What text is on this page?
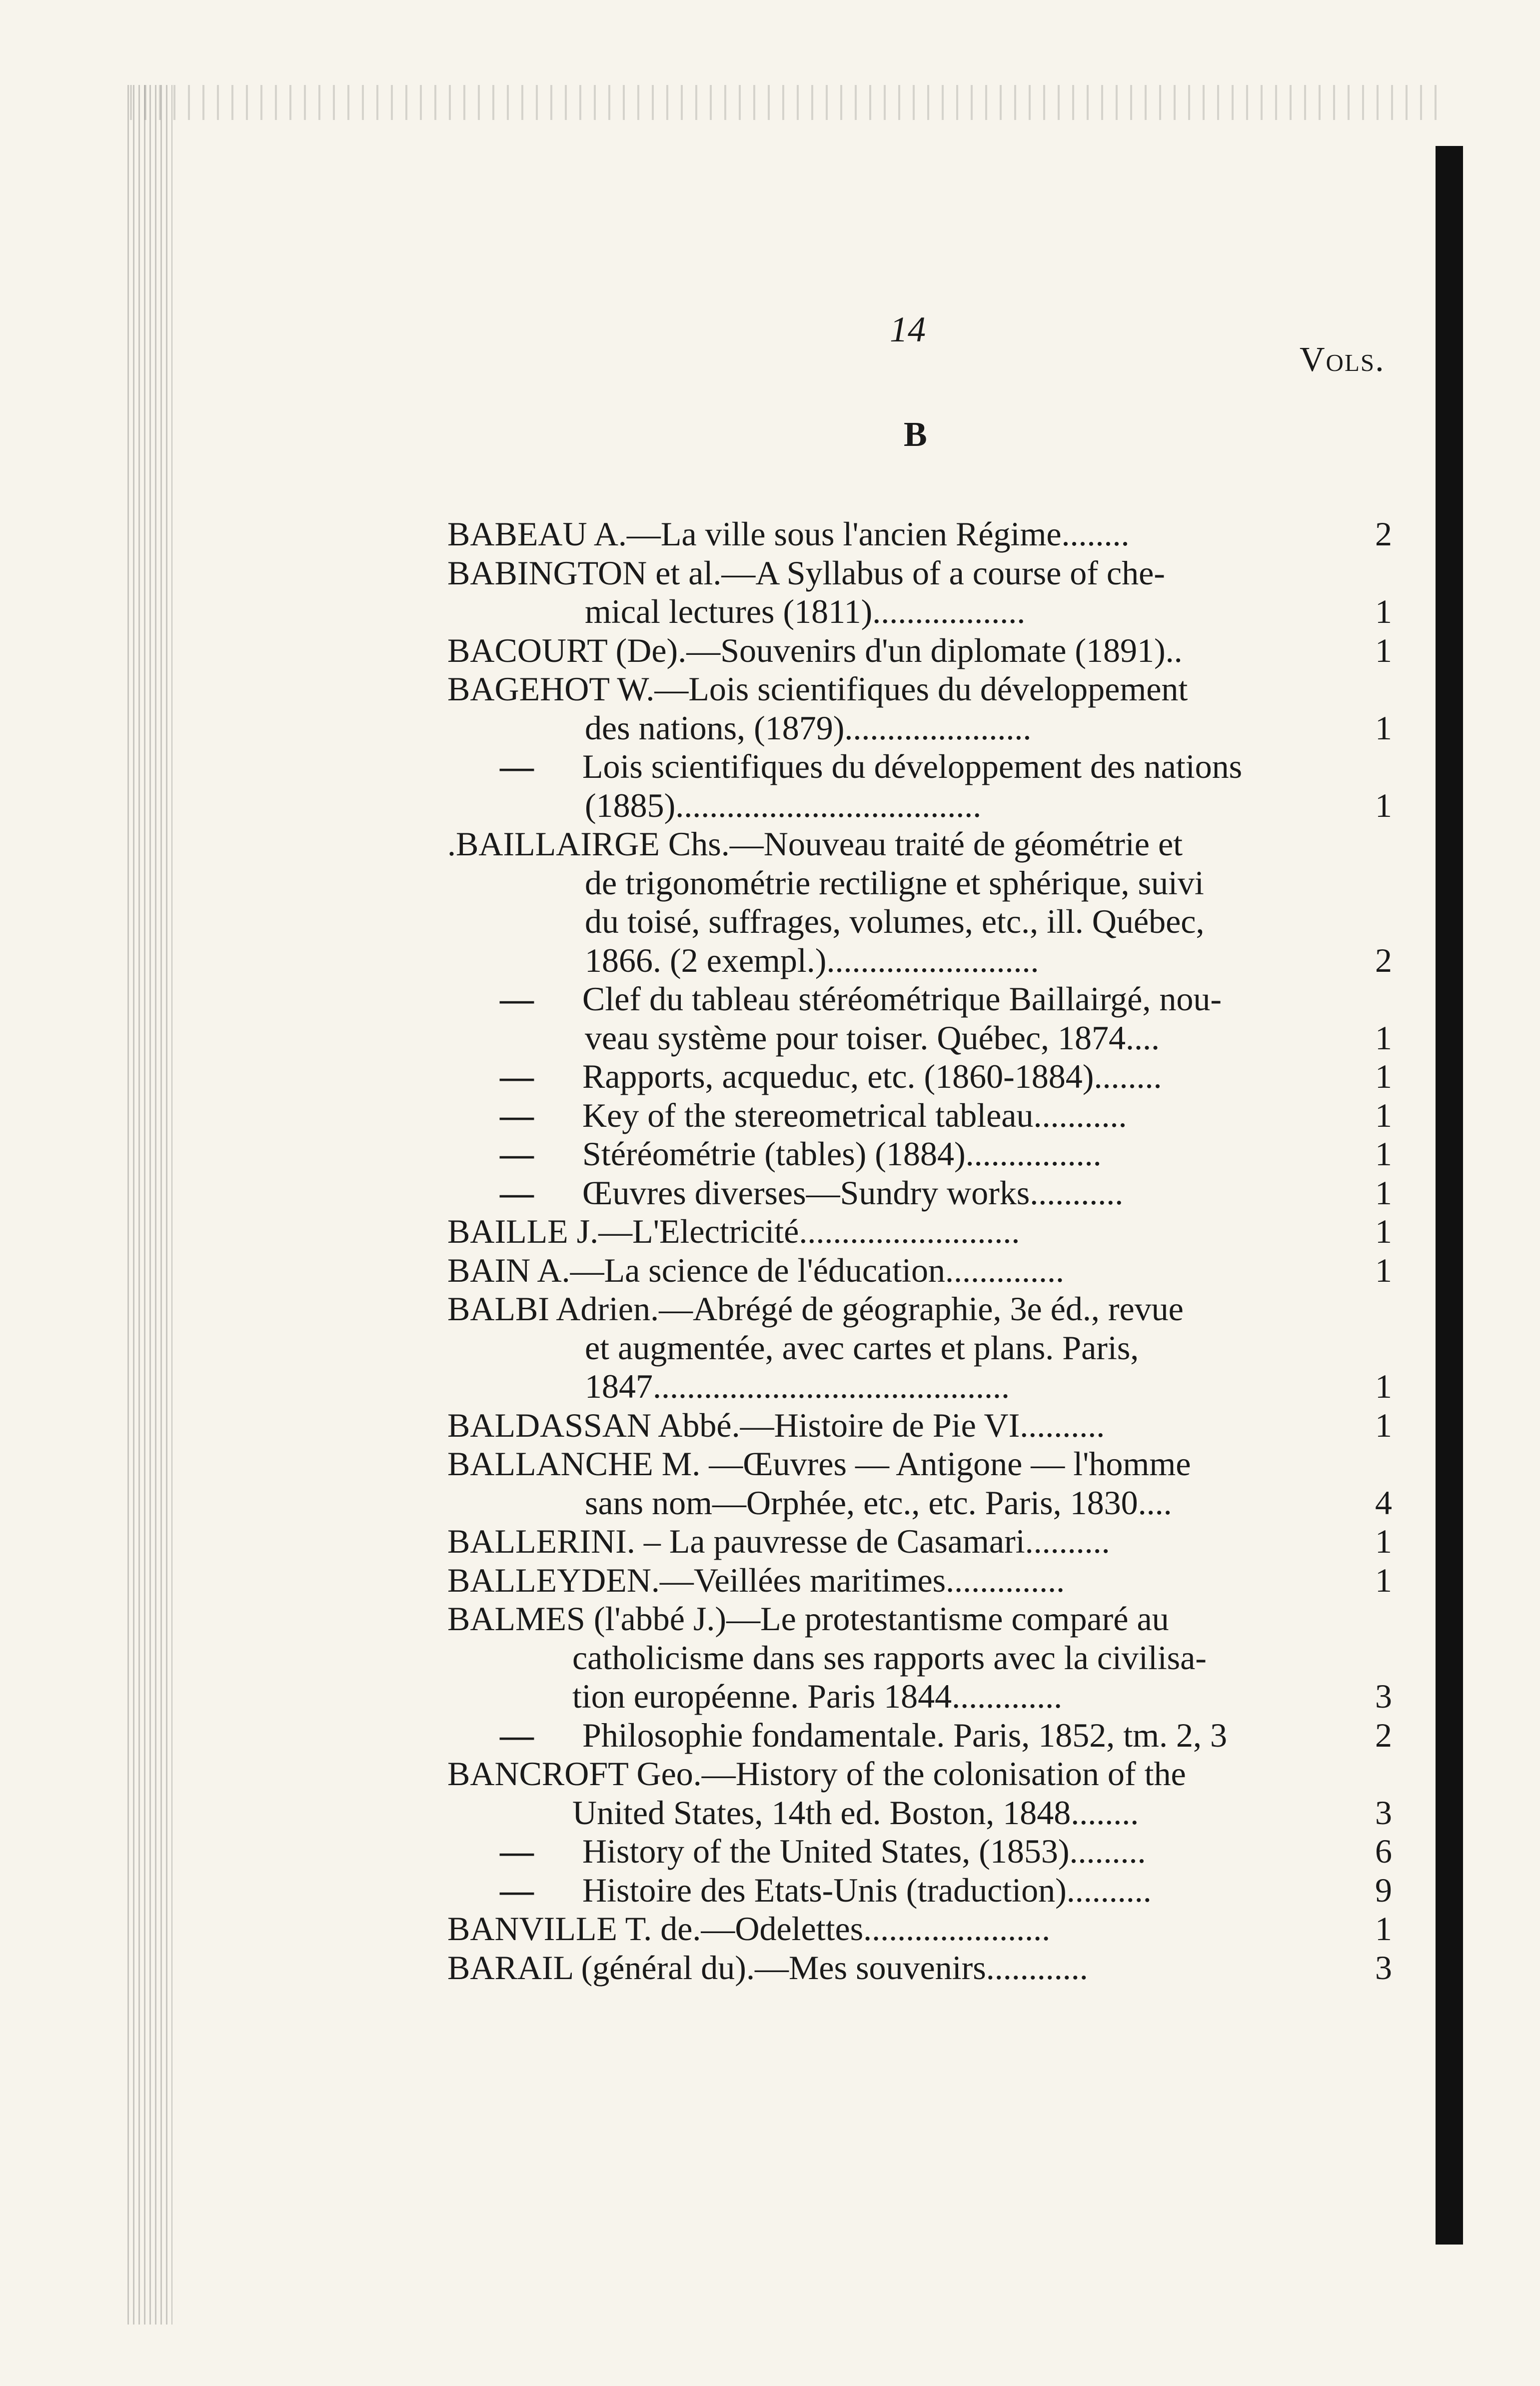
14
Vols.
B
BABEAU A.—La ville sous l'ancien Régime........	2
BABINGTON et al.—A Syllabus of a course of che-
mical lectures (1811)..................	1
BACOURT (De).—Souvenirs d'un diplomate (1891)..	1
BAGEHOT W.—Lois scientifiques du développement
des nations, (1879)......................	1
— Lois scientifiques du développement des nations
(1885)....................................	1
.BAILLAIRGE Chs.—Nouveau traité de géométrie et
de trigonométrie rectiligne et sphérique, suivi
du toisé, suffrages, volumes, etc., ill. Québec,
1866. (2 exempl.).........................	2
— Clef du tableau stéréométrique Baillairgé, nou-
veau système pour toiser. Québec, 1874....	1
— Rapports, acqueduc, etc. (1860-1884)........	1
— Key of the stereometrical tableau...........	1
— Stéréométrie (tables) (1884)................	1
— Œuvres diverses—Sundry works...........	1
BAILLE J.—L'Electricité..........................	1
BAIN A.—La science de l'éducation..............	1
BALBI Adrien.—Abrégé de géographie, 3e éd., revue
et augmentée, avec cartes et plans. Paris,
1847..........................................	1
BALDASSAN Abbé.—Histoire de Pie VI..........	1
BALLANCHE M. —Œuvres — Antigone — l'homme
sans nom—Orphée, etc., etc. Paris, 1830....	4
BALLERINI. – La pauvresse de Casamari..........	1
BALLEYDEN.—Veillées maritimes..............	1
BALMES (l'abbé J.)—Le protestantisme comparé au
catholicisme dans ses rapports avec la civilisa-
tion européenne. Paris 1844.............	3
— Philosophie fondamentale. Paris, 1852, tm. 2, 3	2
BANCROFT Geo.—History of the colonisation of the
United States, 14th ed. Boston, 1848........	3
— History of the United States, (1853).........	6
— Histoire des Etats-Unis (traduction)..........	9
BANVILLE T. de.—Odelettes......................	1
BARAIL (général du).—Mes souvenirs............	3
